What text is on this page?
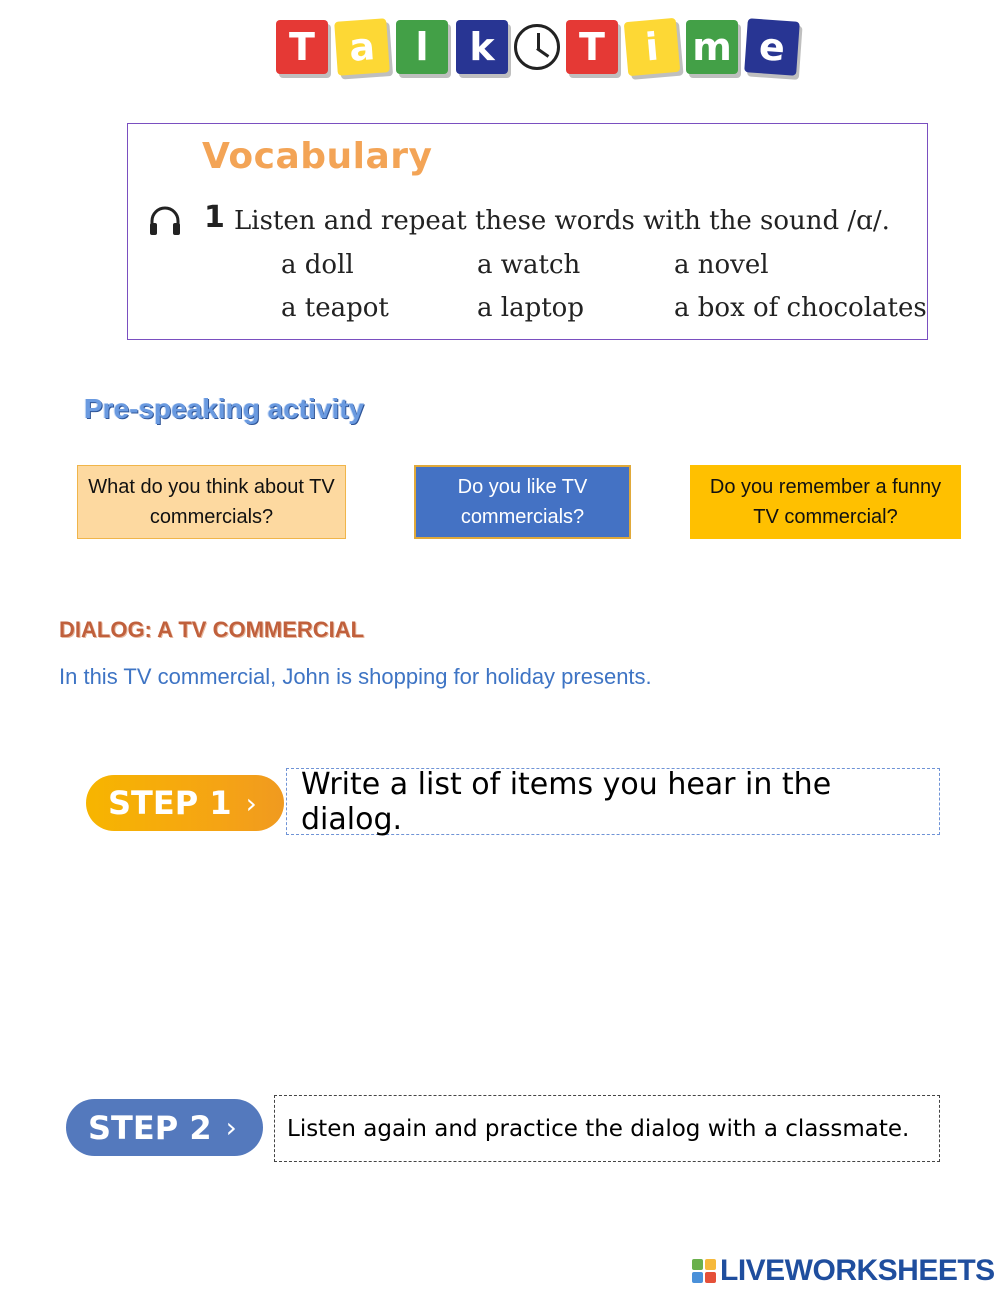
T a	l	k	T	i m e
Vocabulary
1 Listen and repeat these words with the sound /ɑ/.
a doll	a watch	a novel
a teapot	a laptop	a box of chocolates
Pre-speaking activity
What do you think about TV commercials?
Do you like TV commercials?
Do you remember a funny TV commercial?
DIALOG: A TV COMMERCIAL
In this TV commercial, John is shopping for holiday presents.
STEP 1 ›
Write a list of items you hear in the dialog.
STEP 2 › Listen again and practice the dialog with a classmate.
LIVEWORKSHEETS
